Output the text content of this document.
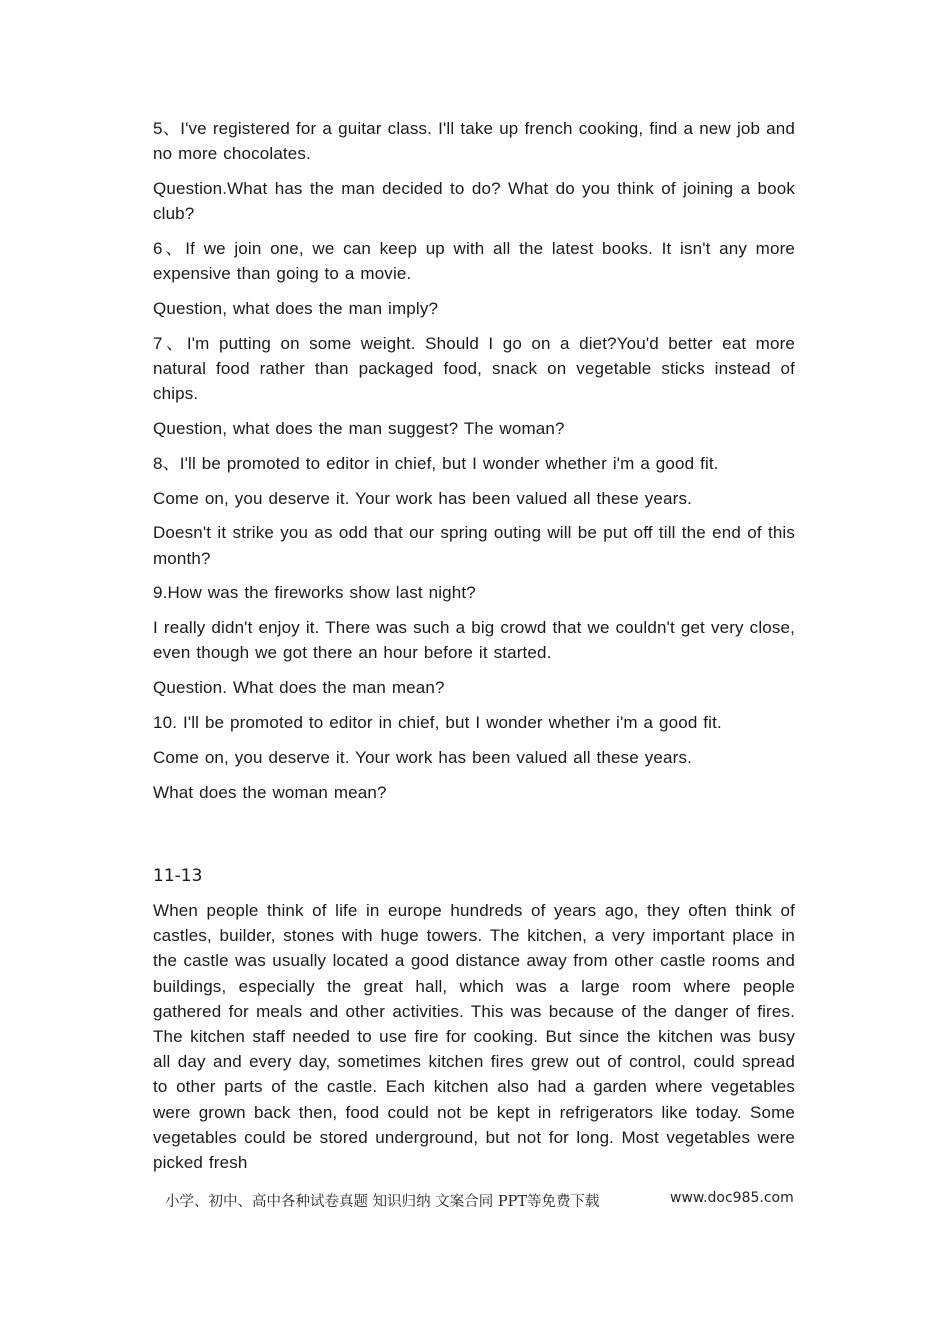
5、I've registered for a guitar class. I'll take up french cooking, find a new job and no more chocolates.

Question.What has the man decided to do? What do you think of joining a book club?

6、If we join one, we can keep up with all the latest books. It isn't any more expensive than going to a movie.

Question, what does the man imply?

7、I'm putting on some weight. Should I go on a diet?You'd better eat more natural food rather than packaged food, snack on vegetable sticks instead of chips.

Question, what does the man suggest? The woman?

8、I'll be promoted to editor in chief, but I wonder whether i'm a good fit.

Come on, you deserve it. Your work has been valued all these years.

Doesn't it strike you as odd that our spring outing will be put off till the end of this month?

9.How was the fireworks show last night?

I really didn't enjoy it. There was such a big crowd that we couldn't get very close, even though we got there an hour before it started.

Question. What does the man mean?

10. I'll be promoted to editor in chief, but I wonder whether i'm a good fit.

Come on, you deserve it. Your work has been valued all these years.

What does the woman mean?

11-13

When people think of life in europe hundreds of years ago, they often think of castles, builder, stones with huge towers. The kitchen, a very important place in the castle was usually located a good distance away from other castle rooms and buildings, especially the great hall, which was a large room where people gathered for meals and other activities. This was because of the danger of fires. The kitchen staff needed to use fire for cooking. But since the kitchen was busy all day and every day, sometimes kitchen fires grew out of control, could spread to other parts of the castle. Each kitchen also had a garden where vegetables were grown back then, food could not be kept in refrigerators like today. Some vegetables could be stored underground, but not for long. Most vegetables were picked fresh

小学、初中、高中各种试卷真题 知识归纳 文案合同 PPT等免费下载	www.doc985.com
